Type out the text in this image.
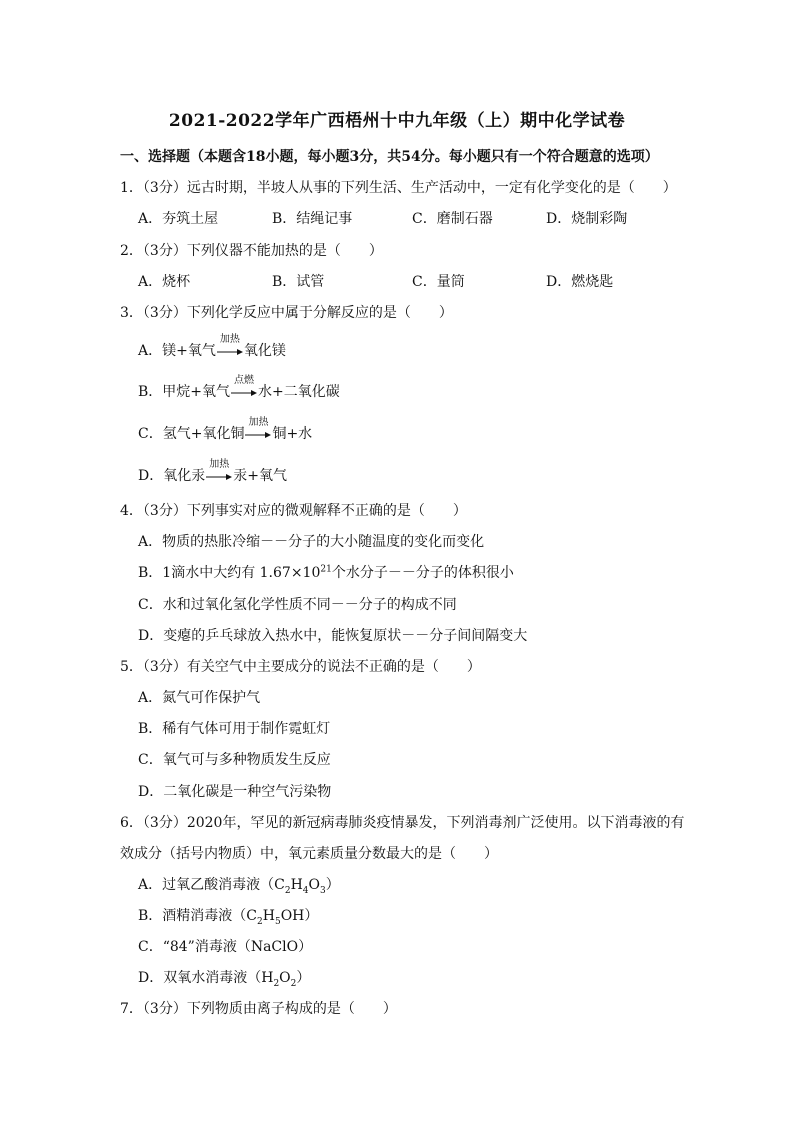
2021-2022学年广西梧州十中九年级（上）期中化学试卷
一、选择题（本题含18小题，每小题3分，共54分。每小题只有一个符合题意的选项）
1．（3分）远古时期，半坡人从事的下列生活、生产活动中，一定有化学变化的是（　　）
A．夯筑土屋	B．结绳记事	C．磨制石器	D．烧制彩陶
2．（3分）下列仪器不能加热的是（　　）
A．烧杯	B．试管	C．量筒	D．燃烧匙
3．（3分）下列化学反应中属于分解反应的是（　　）
A．镁+氧气
加热
氧化镁
B．甲烷+氧气
点燃
水+二氧化碳
C．氢气+氧化铜
加热
铜+水
D．氧化汞
加热
汞+氧气
4．（3分）下列事实对应的微观解释不正确的是（　　）
A．物质的热胀冷缩－－分子的大小随温度的变化而变化
B．1滴水中大约有 $1.67\times 10^{21}$个水分子－－分子的体积很小
C．水和过氧化氢化学性质不同－－分子的构成不同
D．变瘪的乒乓球放入热水中，能恢复原状－－分子间间隔变大
5．（3分）有关空气中主要成分的说法不正确的是（　　）
A．氮气可作保护气
B．稀有气体可用于制作霓虹灯
C．氧气可与多种物质发生反应
D．二氧化碳是一种空气污染物
6．（3分）2020年，罕见的新冠病毒肺炎疫情暴发，下列消毒剂广泛使用。以下消毒液的有
效成分（括号内物质）中，氧元素质量分数最大的是（　　）
A．过氧乙酸消毒液$(C_2H_4O_3)$
B．酒精消毒液$(C_2H_5OH)$
C．“84”消毒液（NaClO）
D．双氧水消毒液$(H_2O_2)$
7．（3分）下列物质由离子构成的是（　　）
